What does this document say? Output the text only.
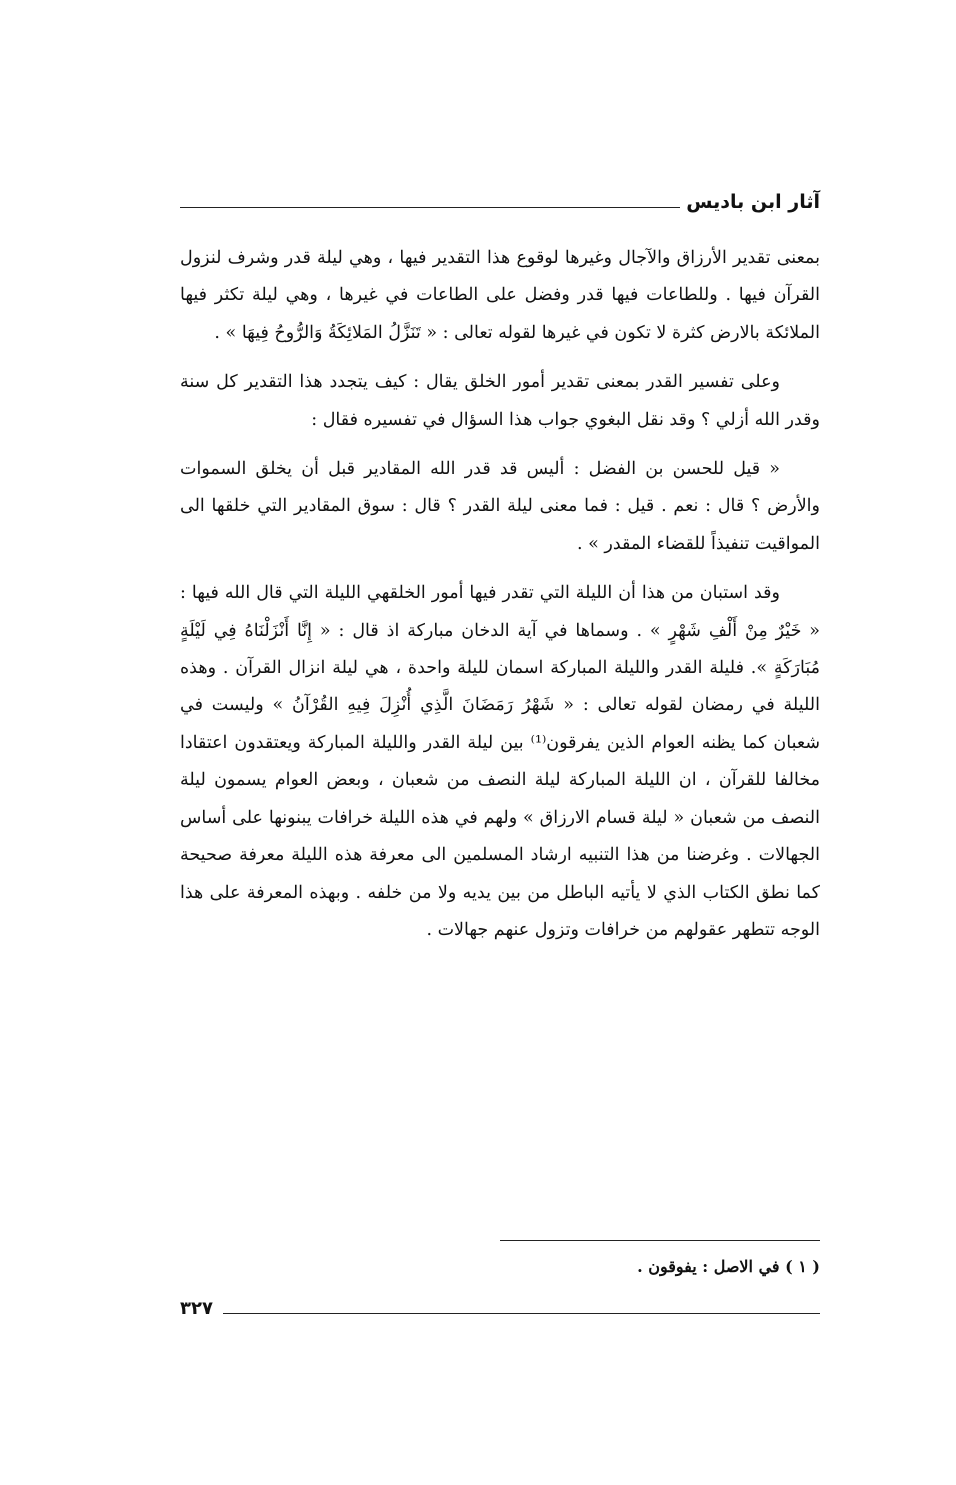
آثار ابن باديس

بمعنى تقدير الأرزاق والآجال وغيرها لوقوع هذا التقدير فيها ، وهي ليلة قدر وشرف لنزول القرآن فيها . وللطاعات فيها قدر وفضل على الطاعات في غيرها ، وهي ليلة تكثر فيها الملائكة بالارض كثرة لا تكون في غيرها لقوله تعالى : « تَنَزَّلُ المَلائِكَةُ وَالرُّوحُ فِيهَا » .

وعلى تفسير القدر بمعنى تقدير أمور الخلق يقال : كيف يتجدد هذا التقدير كل سنة وقدر الله أزلي ؟ وقد نقل البغوي جواب هذا السؤال في تفسيره فقال :

« قيل للحسن بن الفضل : أليس قد قدر الله المقادير قبل أن يخلق السموات والأرض ؟ قال : نعم . قيل : فما معنى ليلة القدر ؟ قال : سوق المقادير التي خلقها الى المواقيت تنفيذاً للقضاء المقدر » .

وقد استبان من هذا أن الليلة التي تقدر فيها أمور الخلقهي الليلة التي قال الله فيها : « خَيْرٌ مِنْ أَلْفِ شَهْرٍ » . وسماها في آية الدخان مباركة اذ قال : « إِنَّا أَنْزَلْنَاهُ فِي لَيْلَةٍ مُبَارَكَةٍ ». فليلة القدر والليلة المباركة اسمان لليلة واحدة ، هي ليلة انزال القرآن . وهذه الليلة في رمضان لقوله تعالى : « شَهْرُ رَمَضَانَ الَّذِي أُنْزِلَ فِيهِ القُرْآنُ » وليست في شعبان كما يظنه العوام الذين يفرقون⁽¹⁾ بين ليلة القدر والليلة المباركة ويعتقدون اعتقادا مخالفا للقرآن ، ان الليلة المباركة ليلة النصف من شعبان ، وبعض العوام يسمون ليلة النصف من شعبان « ليلة قسام الارزاق » ولهم في هذه الليلة خرافات يبنونها على أساس الجهالات . وغرضنا من هذا التنبيه ارشاد المسلمين الى معرفة هذه الليلة معرفة صحيحة كما نطق الكتاب الذي لا يأتيه الباطل من بين يديه ولا من خلفه . وبهذه المعرفة على هذا الوجه تتطهر عقولهم من خرافات وتزول عنهم جهالات .

( ١ ) في الاصل : يفوقون .
٣٢٧
